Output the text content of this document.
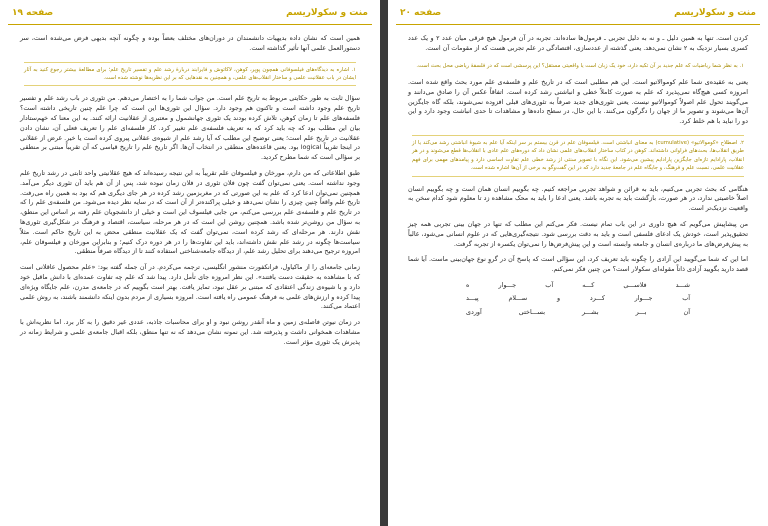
منت و سکولاریسم
صفحه ۱۹

همین است که نشان داده بدیهیات دانشمندان در دوران‌های مختلف بعضاً بوده و چگونه آنچه بدیهی فرض می‌شده است، سر دستورالعمل علمی آنها تأثیر گذاشته است.

۱. اشاره به دیدگاه‌های فیلسوفانی همچون پوپر، کوهن، لاکاتوش و فایرابند دربارهٔ رشد علم و تفسیر تاریخ علم؛ برای مطالعهٔ بیشتر رجوع کنید به آثار ایشان در باب عقلانیت علمی و ساختار انقلاب‌های علمی، و همچنین به نقدهایی که بر این نظریه‌ها نوشته شده است.

سؤال ثابت به طور حکایتی مربوط به تاریخ علم است. من جواب شما را به اختصار می‌دهم. من تئوری در باب رشد علم و تفسیر تاریخ علم وجود داشته است و تاکنون هم وجود دارد. سؤال این تئوری‌ها این است که چرا علم چنین تاریخی داشته است؟ فلسفه‌های علم تا زمان کوهن، تلاش کرده بودند یک تئوری جهانشمول و معتبری از عقلانیت ارائه کنند. به این معنا که خهم‌ستادار بیان این مطلب بود که چه باید کرد که به تعریف فلسفه‌ی علم تغییر کرد. کار فلسفه‌ای علم را تعریف فعلی آن، نشان دادن عقلانیت در تاریخ علم است؛ یعنی توضیح این مطلب که آیا رشد علم از شیوه‌ی عقلانی پیروی کرده است یا خیر. غرض از عقلانی در اینجا تقریباً logical بود. یعنی قاعده‌های منطقی در انتخاب آن‌ها. اگر تاریخ علم را تاریخ قیاسی که آن تقریباً مبتنی بر منطقی بر سؤالی است که شما مطرح کردید.

طبق اطلاعاتی که من دارم، مورخان و فیلسوفان علم تقریباً به این نتیجه رسیده‌اند که هیچ عقلانیتی واحد ثابتی در رشد تاریخ علم وجود نداشته است. یعنی نمی‌توان گفت چون فلان تئوری در فلان زمان نبوده شد، پس از آن هم باید آن تئوری دیگر می‌آمد. همچنین نمی‌توان ادعا کرد که علم به این صورتی که در مغربزمین رشد کرده در هر جای دیگری هم که بود به همین راه می‌رفت. تاریخ علم واقعاً چنین چیزی را نشان نمی‌دهد و خیلی پراکنده‌تر از آن است که در سایه نظر دیده می‌شود. من فلسفه‌ی علم را که در تاریخ علم و فلسفه‌ی علم بررسی می‌کنم، من جایی فیلسوف این است و خیلی از دانشجویان علم رفته بر اساس این منطق، به سؤال من روشن‌تر شده باشد. همچنین روشن این است که در هر مرحله، سیاست، اقتصاد و فرهنگ در شکل‌گیری تئوری‌ها نقش دارند. هر مرحله‌ای که رشد کرده است، نمی‌توان گفت که یک عقلانیت منطقی محض به این تاریخ حاکم است. مثلاً سیاست‌ها چگونه در رشد علم نقش داشته‌اند، باید این تفاوت‌ها را در هر دوره درک کنیم؛ و بنابراین مورخان و فیلسوفان علم، امروزه ترجیح می‌دهند برای تحلیل رشد علم، از دیدگاه جامعه‌شناختی استفاده کنند تا از دیدگاه صرفاً منطقی.

زمانی جامعه‌ای را از ماکیاول، فرانکفورت منشور انگلیسی، ترجمه می‌کردم. در آن جمله گفته بود: «علم محصول عاقلانی است که با مشاهده به حقیقت دست یافتند». این نظر امروزه جای تأمل دارد. پیدا شد که علم چه تفاوت عمده‌ای با دانش ماقبل خود دارد و با شیوه‌ی زندگی اعتقادی که مبتنی بر عقل نبود، تمایز یافت. بهتر است بگوییم که در جامعه‌ی مدرن، علم جایگاه ویژه‌ای پیدا کرده و ارزش‌های علمی به فرهنگ عمومی راه یافته است. امروزه بسیاری از مردم بدون اینکه دانشمند باشند، به روش علمی اعتماد می‌کنند.

در زمان نیوتن فاصله‌ی زمین و ماه آنقدر روشن نبود و او برای محاسبات جاذبه، عددی غیر دقیق را به کار برد. اما نظریه‌اش با مشاهدات همخوانی داشت و پذیرفته شد. این نمونه نشان می‌دهد که نه تنها منطق، بلکه اقبال جامعه‌ی علمی و شرایط زمانه در پذیرش یک تئوری مؤثر است.

منت و سکولاریسم
صفحه ۲۰

کردن است. تنها به همین دلیل ـ و نه به دلیل تجربی ـ فرمول‌ها ساده‌اند. تجربه در آن فرمول هیچ فرقی میان عدد ۲ و یک عدد کسری بسیار نزدیک به ۲ نشان نمی‌دهد. یعنی گذشته از عددسازی، اقتصادگی در علم تجربی هست که از مقومات آن است.

۱. به نظر شما ریاضیات که علم جدید بر آن تکیه دارد، خود یک زبان است یا واقعیتی مستقل؟ این پرسشی است که در فلسفهٔ ریاضی محل بحث است.

یعنی به عقیده‌ی شما علم کوموالاتیو است. این هم مطلبی است که در تاریخ علم و فلسفه‌ی علم مورد بحث واقع شده است. امروزه کسی هیچ‌گاه نمی‌پذیرد که علم به صورت کاملاً خطی و انباشتی رشد کرده است. اتفاقاً عکس آن را صادق می‌دانند و می‌گویند تحول علم اصولاً کوموالاتیو نیست. یعنی تئوری‌های جدید صرفاً به تئوری‌های قبلی افزوده نمی‌شوند، بلکه گاه جایگزین آن‌ها می‌شوند و تصویر ما از جهان را دگرگون می‌کنند. با این حال، در سطح داده‌ها و مشاهدات تا حدی انباشت وجود دارد و این دو را نباید با هم خلط کرد.

۲. اصطلاح «کوموالاتیو» (cumulative) به معنای انباشتی است. فیلسوفان علم در قرن بیستم بر سر اینکه آیا علم به شیوهٔ انباشتی رشد می‌کند یا از طریق انقلاب‌ها، بحث‌های فراوانی داشته‌اند. کوهن در کتاب ساختار انقلاب‌های علمی نشان داد که دوره‌های علم عادی با انقلاب‌ها قطع می‌شوند و در هر انقلاب، پارادایم تازه‌ای جایگزین پارادایم پیشین می‌شود. این نگاه با تصویر سنتی از رشد خطی علم تفاوت اساسی دارد و پیامدهای مهمی برای فهم عقلانیت علمی، نسبت علم و فرهنگ، و جایگاه علم در جامعهٔ جدید دارد که در این گفت‌وگو به برخی از آن‌ها اشاره شده است.

هنگامی که بحث تجربی می‌کنیم، باید به قرائن و شواهد تجربی مراجعه کنیم. چه بگوییم انسان همان است و چه بگوییم انسان اصلاً خاصیتی ندارد، در هر صورت، بازگشت باید به تجربه باشد. یعنی ادعا را باید به محک مشاهده زد تا معلوم شود کدام سخن به واقعیت نزدیک‌تر است.

من پیشاپیش می‌گویم که هیچ داوری در این باب تمام نیست. فکر می‌کنم این مطلب که تنها در جهان بینی تجربی همه چیز تحقیق‌پذیر است، خودش یک ادعای فلسفی است و باید به دقت بررسی شود. نتیجه‌گیری‌هایی که در علوم انسانی می‌شود، غالباً به پیش‌فرض‌های ما درباره‌ی انسان و جامعه وابسته است و این پیش‌فرض‌ها را نمی‌توان یکسره از تجربه گرفت.

اما این که شما می‌گویید این آزادی را چگونه باید تعریف کرد، این سؤالی است که پاسخ آن در گروِ نوع جهان‌بینی ماست. آیا شما قصد دارید بگویید آزادی ذاتاً مقوله‌ای سکولار است؟ من چنین فکر نمی‌کنم.

شـــد فلاســـی کـــه آب جـــوار ه
آب جـــوار کـــرد و ســـلام پیـــد
آن بـــر بشـــر بســـاختی آوردی
